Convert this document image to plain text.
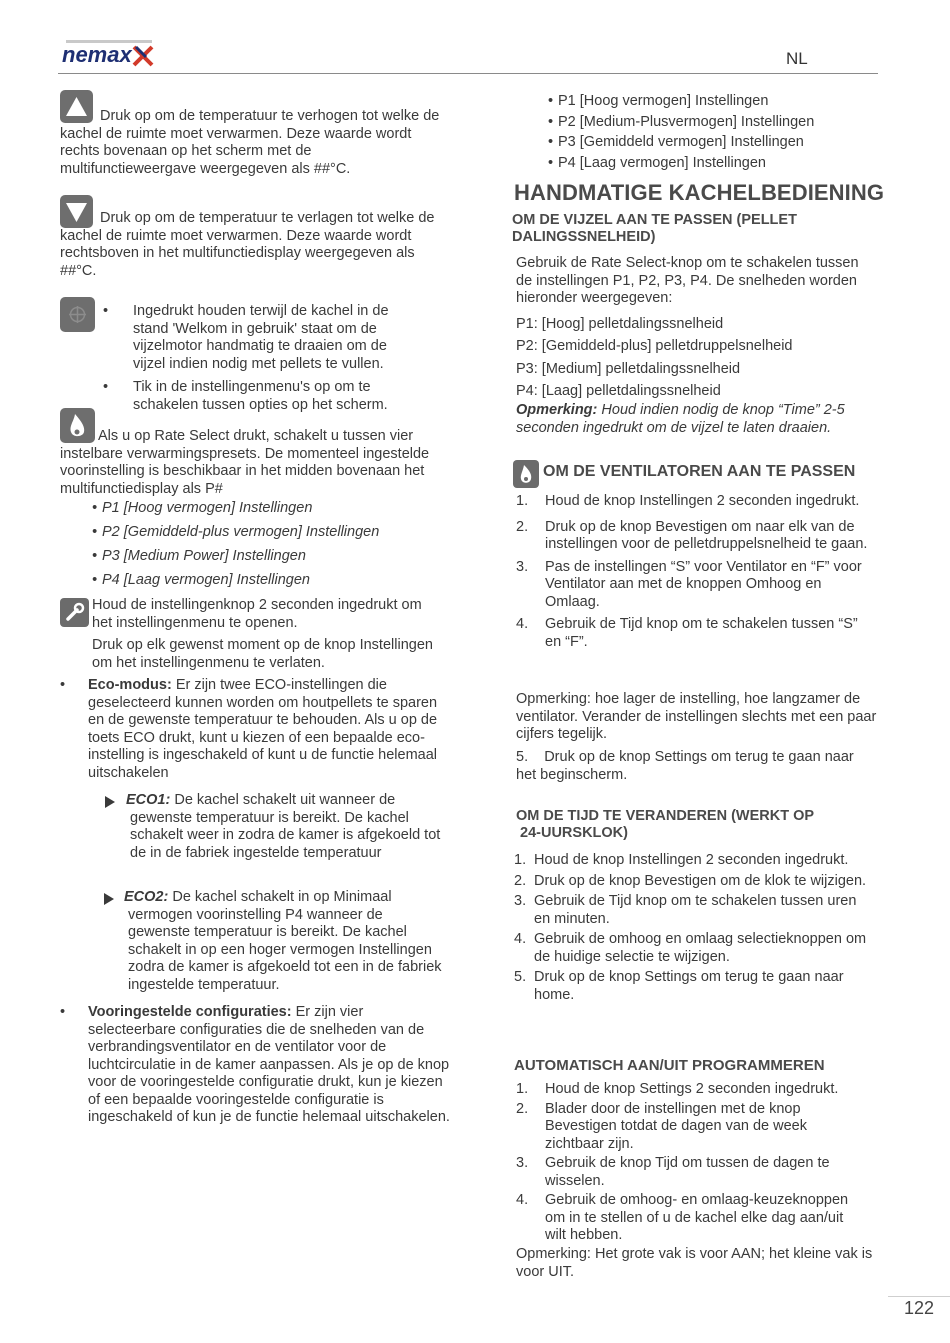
nemax	NL
Druk op om de temperatuur te verhogen tot welke de kachel de ruimte moet verwarmen. Deze waarde wordt rechts bovenaan op het scherm met de multifunctieweergave weergegeven als ##°C.
Druk op om de temperatuur te verlagen tot welke de kachel de ruimte moet verwarmen. Deze waarde wordt rechtsboven in het multifunctiedisplay weergegeven als ##°C.
• Ingedrukt houden terwijl de kachel in de stand 'Welkom in gebruik' staat om de vijzelmotor handmatig te draaien om de vijzel indien nodig met pellets te vullen.
• Tik in de instellingenmenu's op om te schakelen tussen opties op het scherm.
Als u op Rate Select drukt, schakelt u tussen vier instelbare verwarmingspresets. De momenteel ingestelde voorinstelling is beschikbaar in het midden bovenaan het multifunctiedisplay als P#
• P1 [Hoog vermogen] Instellingen
• P2 [Gemiddeld-plus vermogen] Instellingen
• P3 [Medium Power] Instellingen
• P4 [Laag vermogen] Instellingen
Houd de instellingenknop 2 seconden ingedrukt om het instellingenmenu te openen.
Druk op elk gewenst moment op de knop Instellingen om het instellingenmenu te verlaten.
• Eco-modus: Er zijn twee ECO-instellingen die geselecteerd kunnen worden om houtpellets te sparen en de gewenste temperatuur te behouden. Als u op de toets ECO drukt, kunt u kiezen of een bepaalde eco-instelling is ingeschakeld of kunt u de functie helemaal uitschakelen
ECO1: De kachel schakelt uit wanneer de gewenste temperatuur is bereikt. De kachel schakelt weer in zodra de kamer is afgekoeld tot de in de fabriek ingestelde temperatuur
ECO2: De kachel schakelt in op Minimaal vermogen voorinstelling P4 wanneer de gewenste temperatuur is bereikt. De kachel schakelt in op een hoger vermogen Instellingen zodra de kamer is afgekoeld tot een in de fabriek ingestelde temperatuur.
• Vooringestelde configuraties: Er zijn vier selecteerbare configuraties die de snelheden van de verbrandingsventilator en de ventilator voor de luchtcirculatie in de kamer aanpassen. Als je op de knop voor de vooringestelde configuratie drukt, kun je kiezen of een bepaalde vooringestelde configuratie is ingeschakeld of kun je de functie helemaal uitschakelen.
• P1 [Hoog vermogen] Instellingen
• P2 [Medium-Plusvermogen] Instellingen
• P3 [Gemiddeld vermogen] Instellingen
• P4 [Laag vermogen] Instellingen
HANDMATIGE KACHELBEDIENING
OM DE VIJZEL AAN TE PASSEN (PELLET DALINGSSNELHEID)
Gebruik de Rate Select-knop om te schakelen tussen de instellingen P1, P2, P3, P4. De snelheden worden hieronder weergegeven:
P1: [Hoog] pelletdalingssnelheid
P2: [Gemiddeld-plus] pelletdruppelsnelheid
P3: [Medium] pelletdalingssnelheid
P4: [Laag] pelletdalingssnelheid
Opmerking: Houd indien nodig de knop “Time” 2-5 seconden ingedrukt om de vijzel te laten draaien.
OM DE VENTILATOREN AAN TE PASSEN
1. Houd de knop Instellingen 2 seconden ingedrukt.
2. Druk op de knop Bevestigen om naar elk van de instellingen voor de pelletdruppelsnelheid te gaan.
3. Pas de instellingen “S” voor Ventilator en “F” voor Ventilator aan met de knoppen Omhoog en Omlaag.
4. Gebruik de Tijd knop om te schakelen tussen “S” en “F”.
Opmerking: hoe lager de instelling, hoe langzamer de ventilator. Verander de instellingen slechts met een paar cijfers tegelijk.
5.    Druk op de knop Settings om terug te gaan naar het beginscherm.
OM DE TIJD TE VERANDEREN (WERKT OP
24-UURSKLOK)
1. Houd de knop Instellingen 2 seconden ingedrukt.
2. Druk op de knop Bevestigen om de klok te wijzigen.
3. Gebruik de Tijd knop om te schakelen tussen uren en minuten.
4. Gebruik de omhoog en omlaag selectieknoppen om de huidige selectie te wijzigen.
5. Druk op de knop Settings om terug te gaan naar home.
AUTOMATISCH AAN/UIT PROGRAMMEREN
1. Houd de knop Settings 2 seconden ingedrukt.
2. Blader door de instellingen met de knop Bevestigen totdat de dagen van de week zichtbaar zijn.
3. Gebruik de knop Tijd om tussen de dagen te wisselen.
4. Gebruik de omhoog- en omlaag-keuzeknoppen om in te stellen of u de kachel elke dag aan/uit wilt hebben.
Opmerking: Het grote vak is voor AAN; het kleine vak is voor UIT.
122
